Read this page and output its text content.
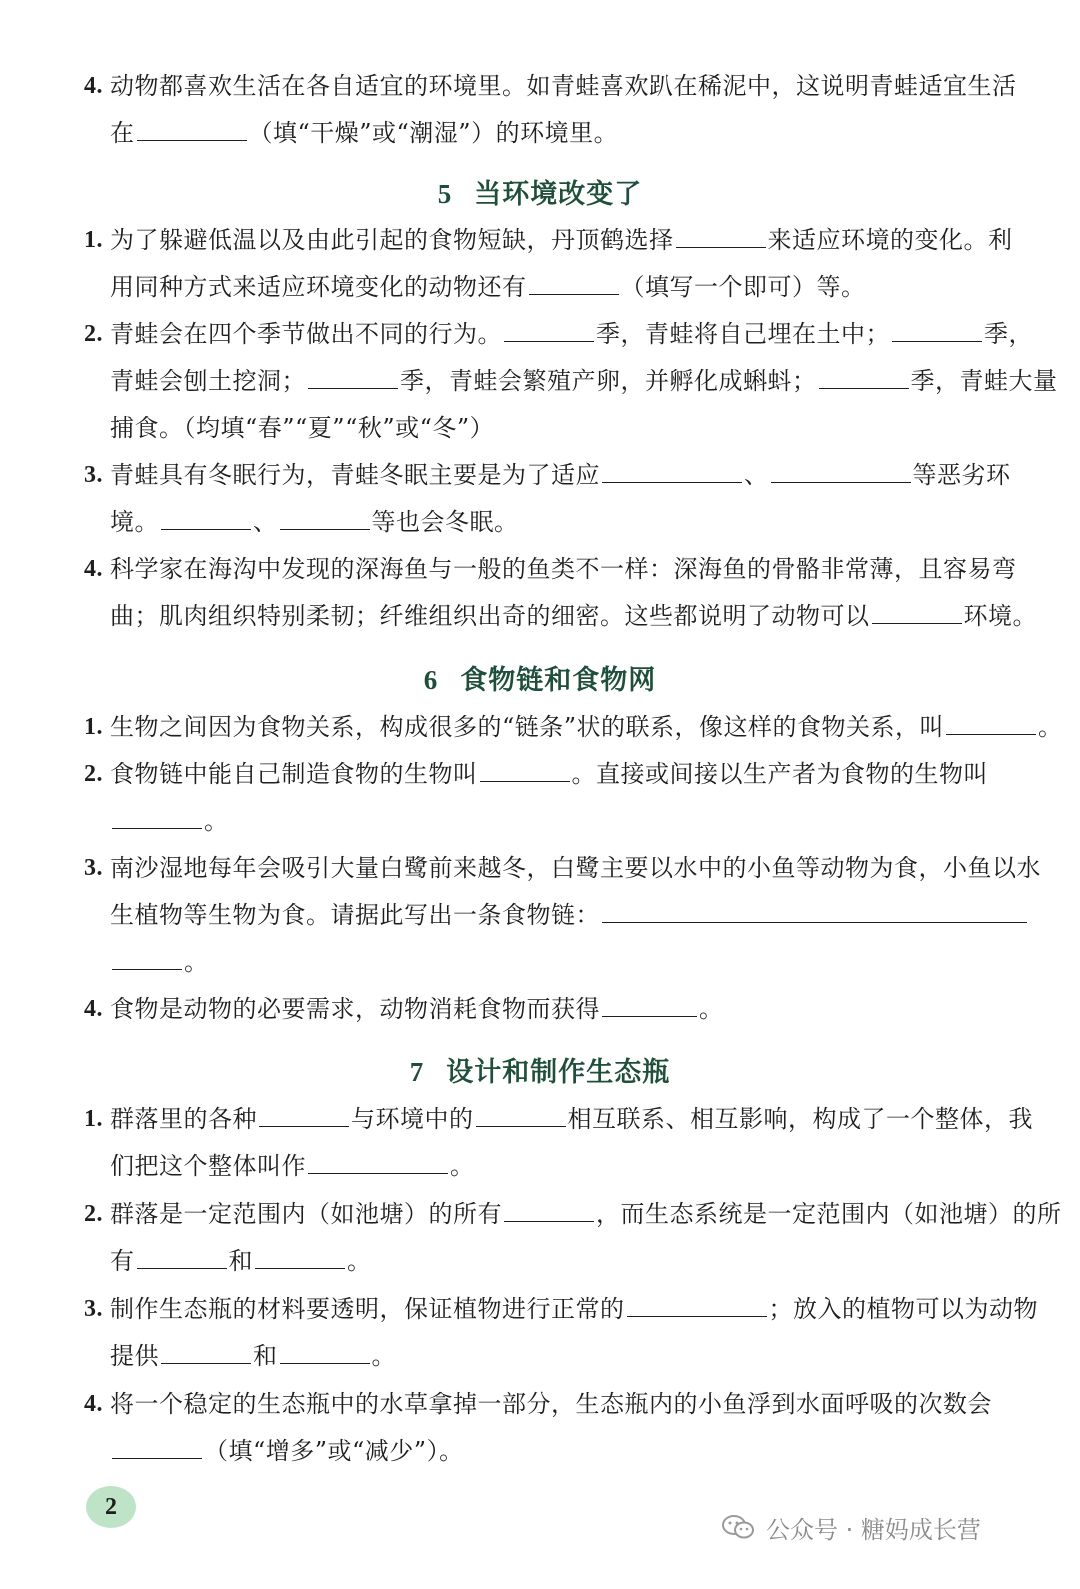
4. 动物都喜欢生活在各自适宜的环境里。如青蛙喜欢趴在稀泥中，这说明青蛙适宜生活
在	（填“干燥”或“潮湿”）的环境里。
5 当环境改变了
1. 为了躲避低温以及由此引起的食物短缺，丹顶鹤选择	来适应环境的变化。利
用同种方式来适应环境变化的动物还有	（填写一个即可）等。
2. 青蛙会在四个季节做出不同的行为。	季，青蛙将自己埋在土中；	季，
青蛙会刨土挖洞；	季，青蛙会繁殖产卵，并孵化成蝌蚪；	季，青蛙大量
捕食。（均填“春”“夏”“秋”或“冬”）
3. 青蛙具有冬眠行为，青蛙冬眠主要是为了适应	、	等恶劣环
境。	、	等也会冬眠。
4. 科学家在海沟中发现的深海鱼与一般的鱼类不一样：深海鱼的骨骼非常薄，且容易弯
曲；肌肉组织特别柔韧；纤维组织出奇的细密。这些都说明了动物可以	环境。
6 食物链和食物网
1. 生物之间因为食物关系，构成很多的“链条”状的联系，像这样的食物关系，叫	。
2. 食物链中能自己制造食物的生物叫	。直接或间接以生产者为食物的生物叫
。
3. 南沙湿地每年会吸引大量白鹭前来越冬，白鹭主要以水中的小鱼等动物为食，小鱼以水
生植物等生物为食。请据此写出一条食物链：
。
4. 食物是动物的必要需求，动物消耗食物而获得	。
7 设计和制作生态瓶
1. 群落里的各种	与环境中的	相互联系、相互影响，构成了一个整体，我
们把这个整体叫作	。
2. 群落是一定范围内（如池塘）的所有	，而生态系统是一定范围内（如池塘）的所
有	和	。
3. 制作生态瓶的材料要透明，保证植物进行正常的	；放入的植物可以为动物
提供	和	。
4. 将一个稳定的生态瓶中的水草拿掉一部分，生态瓶内的小鱼浮到水面呼吸的次数会
（填“增多”或“减少”）。
2
公众号 · 糖妈成长营
